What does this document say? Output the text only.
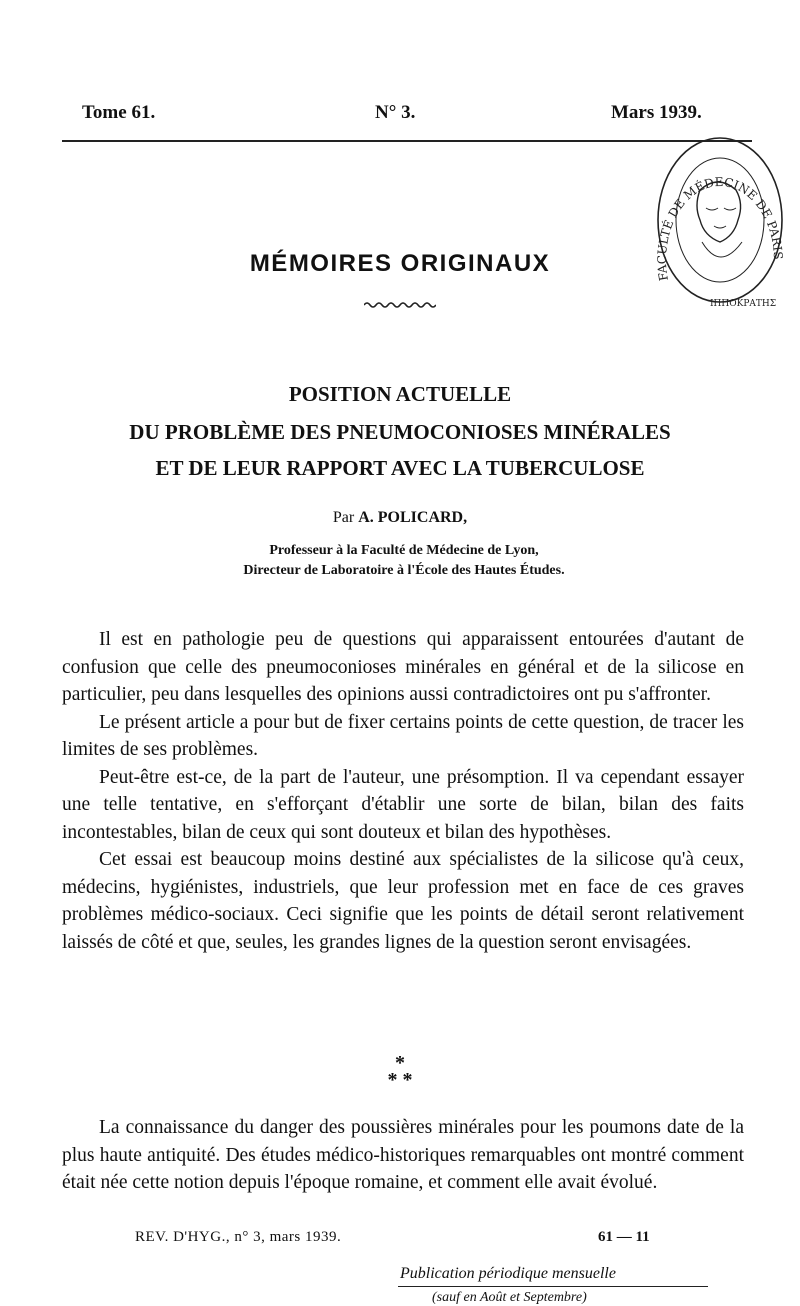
Tome 61.	N° 3.	Mars 1939.
FACULTÉ DE MÉDECINE DE PARIS
ΙΠΠΟΚΡΑΤΗΣ
MÉMOIRES ORIGINAUX
POSITION ACTUELLE
DU PROBLÈME DES PNEUMOCONIOSES MINÉRALES
ET DE LEUR RAPPORT AVEC LA TUBERCULOSE
Par A. POLICARD,
Professeur à la Faculté de Médecine de Lyon,
Directeur de Laboratoire à l'École des Hautes Études.

Il est en pathologie peu de questions qui apparaissent entourées d'autant de confusion que celle des pneumoconioses minérales en général et de la silicose en particulier, peu dans lesquelles des opinions aussi contradictoires ont pu s'affronter.

Le présent article a pour but de fixer certains points de cette question, de tracer les limites de ses problèmes.

Peut-être est-ce, de la part de l'auteur, une présomption. Il va cependant essayer une telle tentative, en s'efforçant d'établir une sorte de bilan, bilan des faits incontestables, bilan de ceux qui sont douteux et bilan des hypothèses.

Cet essai est beaucoup moins destiné aux spécialistes de la silicose qu'à ceux, médecins, hygiénistes, industriels, que leur profession met en face de ces graves problèmes médico-sociaux. Ceci signifie que les points de détail seront relativement laissés de côté et que, seules, les grandes lignes de la question seront envisagées.

*
* *

La connaissance du danger des poussières minérales pour les poumons date de la plus haute antiquité. Des études médico-historiques remarquables ont montré comment était née cette notion depuis l'époque romaine, et comment elle avait évolué.

REV. D'HYG., n° 3, mars 1939.	61 — 11
Publication périodique mensuelle
(sauf en Août et Septembre)
